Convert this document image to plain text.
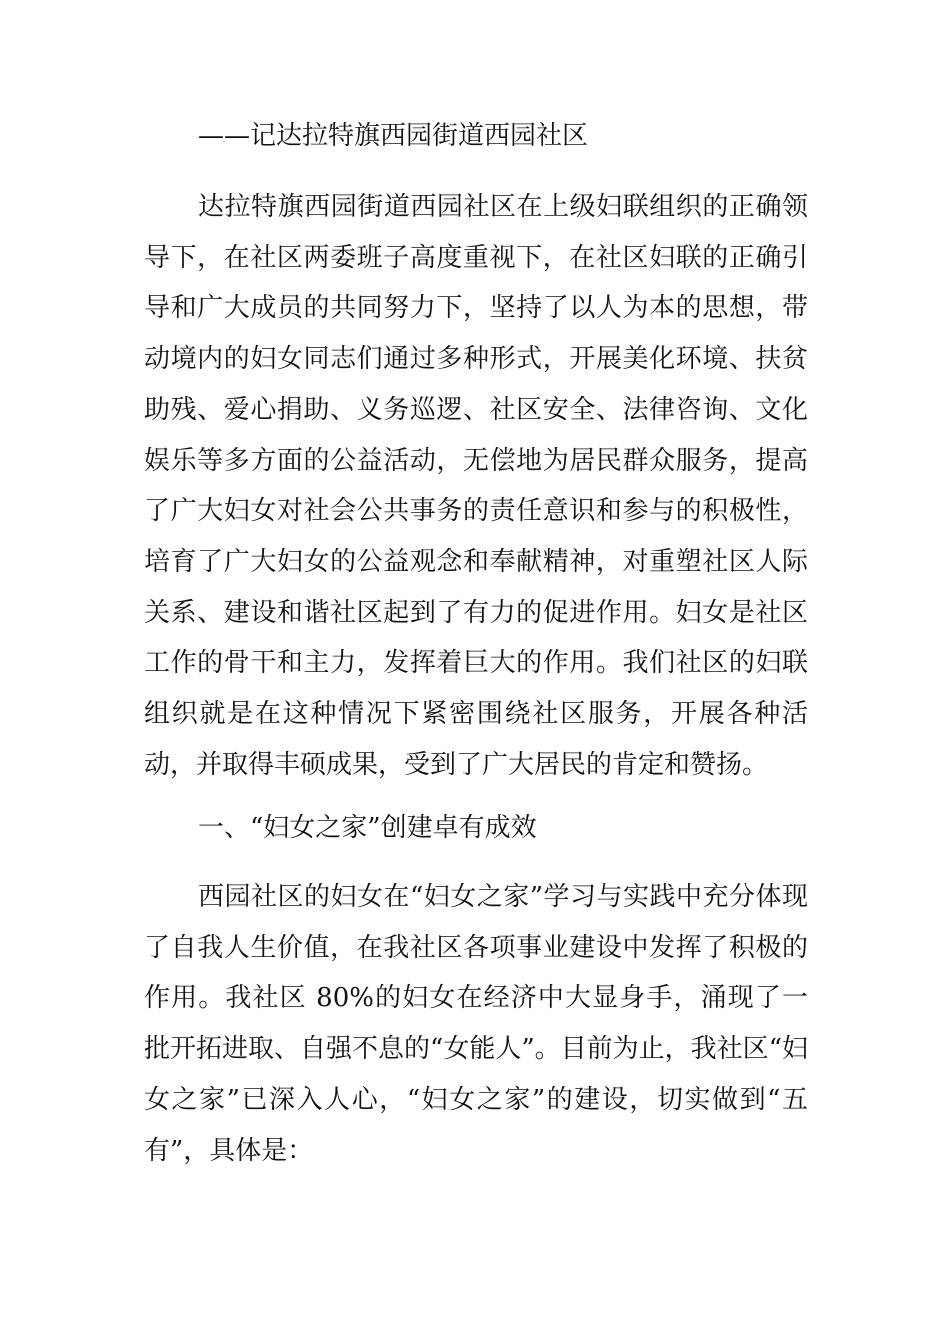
——记达拉特旗西园街道西园社区

达拉特旗西园街道西园社区在上级妇联组织的正确领导下，在社区两委班子高度重视下，在社区妇联的正确引导和广大成员的共同努力下，坚持了以人为本的思想，带动境内的妇女同志们通过多种形式，开展美化环境、扶贫助残、爱心捐助、义务巡逻、社区安全、法律咨询、文化娱乐等多方面的公益活动，无偿地为居民群众服务，提高了广大妇女对社会公共事务的责任意识和参与的积极性，培育了广大妇女的公益观念和奉献精神，对重塑社区人际关系、建设和谐社区起到了有力的促进作用。妇女是社区工作的骨干和主力，发挥着巨大的作用。我们社区的妇联组织就是在这种情况下紧密围绕社区服务，开展各种活动，并取得丰硕成果，受到了广大居民的肯定和赞扬。

一、“妇女之家”创建卓有成效

西园社区的妇女在“妇女之家”学习与实践中充分体现了自我人生价值，在我社区各项事业建设中发挥了积极的作用。我社区 80%的妇女在经济中大显身手，涌现了一批开拓进取、自强不息的“女能人”。目前为止，我社区“妇女之家”已深入人心，“妇女之家”的建设，切实做到“五有”，具体是：
